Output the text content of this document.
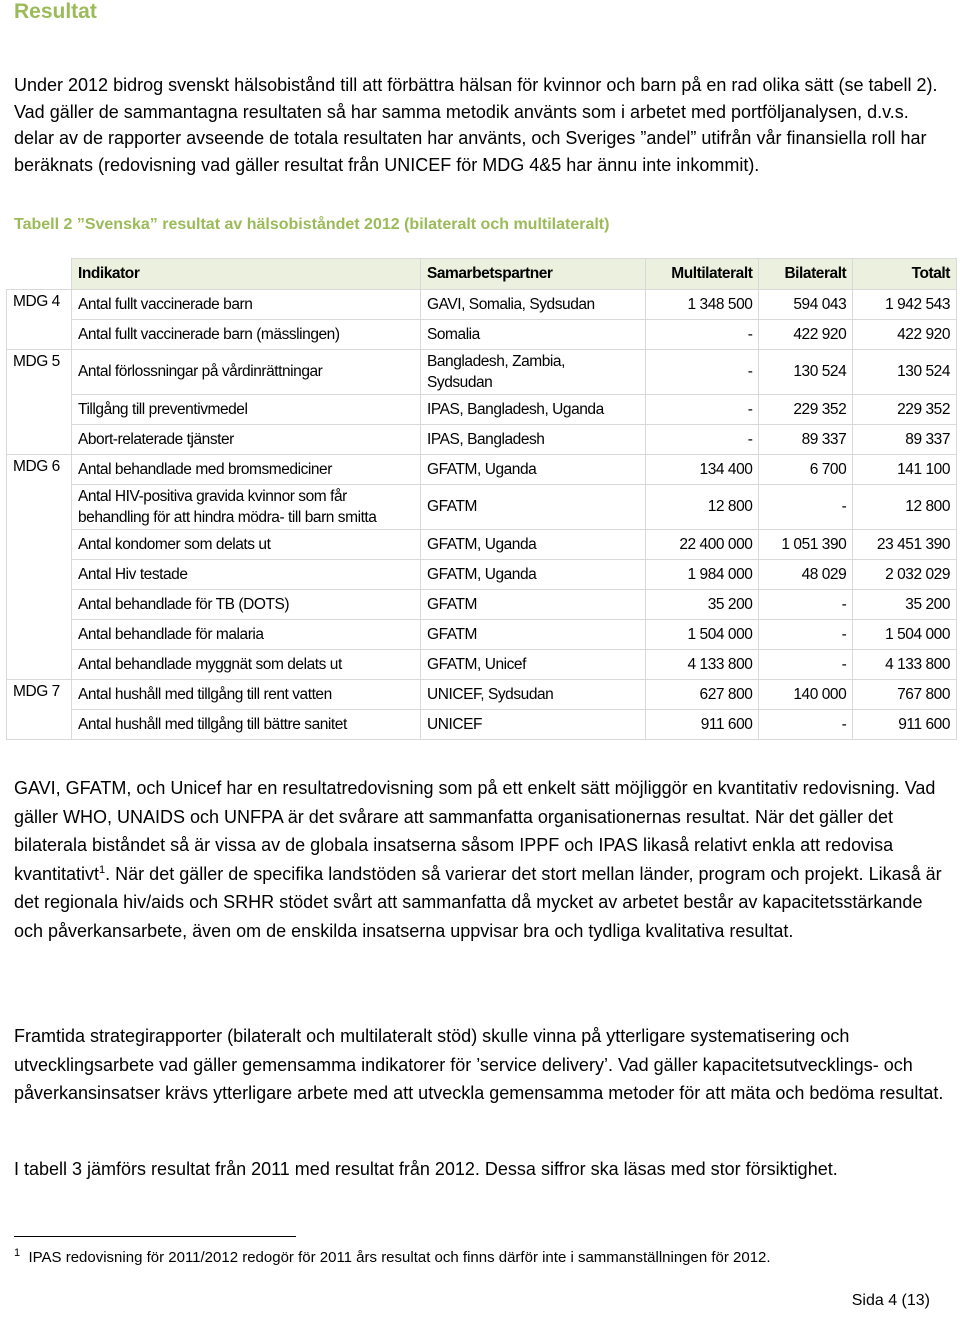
Resultat

Under 2012 bidrog svenskt hälsobistånd till att förbättra hälsan för kvinnor och barn på en rad olika sätt (se tabell 2). Vad gäller de sammantagna resultaten så har samma metodik använts som i arbetet med portföljanalysen, d.v.s. delar av de rapporter avseende de totala resultaten har använts, och Sveriges ”andel” utifrån vår finansiella roll har beräknats (redovisning vad gäller resultat från UNICEF för MDG 4&5 har ännu inte inkommit).

Tabell 2 ”Svenska” resultat av hälsobiståndet 2012 (bilateralt och multilateralt)

	Indikator	Samarbetspartner	Multilateralt	Bilateralt	Totalt
MDG 4	Antal fullt vaccinerade barn	GAVI, Somalia, Sydsudan	1 348 500	594 043	1 942 543
	Antal fullt vaccinerade barn (mässlingen)	Somalia	-	422 920	422 920
MDG 5	Antal förlossningar på vårdinrättningar	Bangladesh, Zambia, Sydsudan	-	130 524	130 524
	Tillgång till preventivmedel	IPAS, Bangladesh, Uganda	-	229 352	229 352
	Abort-relaterade tjänster	IPAS, Bangladesh	-	89 337	89 337
MDG 6	Antal behandlade med bromsmediciner	GFATM, Uganda	134 400	6 700	141 100

	Antal HIV-positiva gravida kvinnor som får behandling för att hindra mödra- till barn smitta	GFATM	12 800	-	12 800
	Antal kondomer som delats ut	GFATM, Uganda	22 400 000	1 051 390	23 451 390
	Antal Hiv testade	GFATM, Uganda	1 984 000	48 029	2 032 029
	Antal behandlade för TB (DOTS)	GFATM	35 200	-	35 200
	Antal behandlade för malaria	GFATM	1 504 000	-	1 504 000
	Antal behandlade myggnät som delats ut	GFATM, Unicef	4 133 800	-	4 133 800
MDG 7	Antal hushåll med tillgång till rent vatten	UNICEF, Sydsudan	627 800	140 000	767 800
	Antal hushåll med tillgång till bättre sanitet	UNICEF	911 600	-	911 600

GAVI, GFATM, och Unicef har en resultatredovisning som på ett enkelt sätt möjliggör en kvantitativ redovisning. Vad gäller WHO, UNAIDS och UNFPA är det svårare att sammanfatta organisationernas resultat. När det gäller det bilaterala biståndet så är vissa av de globala insatserna såsom IPPF och IPAS likaså relativt enkla att redovisa kvantitativt$^1$. När det gäller de specifika landstöden så varierar det stort mellan länder, program och projekt. Likaså är det regionala hiv/aids och SRHR stödet svårt att sammanfatta då mycket av arbetet består av kapacitetsstärkande och påverkansarbete, även om de enskilda insatserna uppvisar bra och tydliga kvalitativa resultat.

Framtida strategirapporter (bilateralt och multilateralt stöd) skulle vinna på ytterligare systematisering och utvecklingsarbete vad gäller gemensamma indikatorer för ’service delivery’. Vad gäller kapacitetsutvecklings- och påverkansinsatser krävs ytterligare arbete med att utveckla gemensamma metoder för att mäta och bedöma resultat.

I tabell 3 jämförs resultat från 2011 med resultat från 2012. Dessa siffror ska läsas med stor försiktighet.

$^1$ IPAS redovisning för 2011/2012 redogör för 2011 års resultat och finns därför inte i sammanställningen för 2012.

Sida 4 (13)
